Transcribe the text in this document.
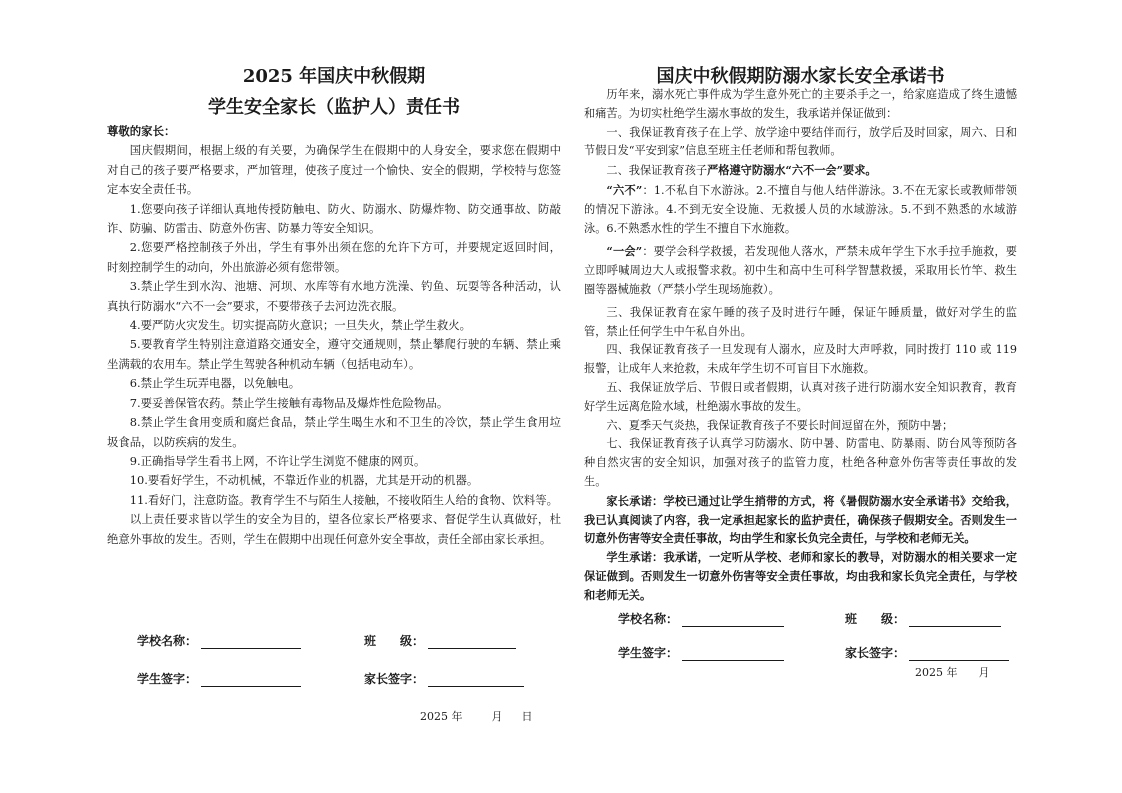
2025 年国庆中秋假期
学生安全家长（监护人）责任书

尊敬的家长：

国庆假期间，根据上级的有关要，为确保学生在假期中的人身安全，要求您在假期中对自己的孩子要严格要求，严加管理，使孩子度过一个愉快、安全的假期，学校特与您签定本安全责任书。

1.您要向孩子详细认真地传授防触电、防火、防溺水、防爆炸物、防交通事故、防敲诈、防骗、防雷击、防意外伤害、防暴力等安全知识。

2.您要严格控制孩子外出，学生有事外出须在您的允许下方可，并要规定返回时间，时刻控制学生的动向，外出旅游必须有您带领。

3.禁止学生到水沟、池塘、河坝、水库等有水地方洗澡、钓鱼、玩耍等各种活动，认真执行防溺水“六不一会”要求，不要带孩子去河边洗衣服。

4.要严防火灾发生。切实提高防火意识；一旦失火，禁止学生救火。

5.要教育学生特别注意道路交通安全，遵守交通规则，禁止攀爬行驶的车辆、禁止乘坐满载的农用车。禁止学生驾驶各种机动车辆（包括电动车）。

6.禁止学生玩弄电器，以免触电。

7.要妥善保管农药。禁止学生接触有毒物品及爆炸性危险物品。

8.禁止学生食用变质和腐烂食品，禁止学生喝生水和不卫生的冷饮，禁止学生食用垃圾食品，以防疾病的发生。

9.正确指导学生看书上网，不许让学生浏览不健康的网页。

10.要看好学生，不动机械，不靠近作业的机器，尤其是开动的机器。

11.看好门，注意防盗。教育学生不与陌生人接触，不接收陌生人给的食物、饮料等。

以上责任要求皆以学生的安全为目的，望各位家长严格要求、督促学生认真做好，杜绝意外事故的发生。否则，学生在假期中出现任何意外安全事故，责任全部由家长承担。

学校名称：	班　　级：
学生签字：	家长签字：
2025 年	月 日
国庆中秋假期防溺水家长安全承诺书

历年来，溺水死亡事件成为学生意外死亡的主要杀手之一，给家庭造成了终生遗憾和痛苦。为切实杜绝学生溺水事故的发生，我承诺并保证做到：

一、我保证教育孩子在上学、放学途中要结伴而行，放学后及时回家，周六、日和节假日发“平安到家”信息至班主任老师和帮包教师。

二、我保证教育孩子严格遵守防溺水“六不一会”要求。

“六不”：1.不私自下水游泳。2.不擅自与他人结伴游泳。3.不在无家长或教师带领的情况下游泳。4.不到无安全设施、无救援人员的水域游泳。5.不到不熟悉的水域游泳。6.不熟悉水性的学生不擅自下水施救。

“一会”：要学会科学救援，若发现他人落水，严禁未成年学生下水手拉手施救，要立即呼喊周边大人或报警求救。初中生和高中生可科学智慧救援，采取用长竹竿、救生圈等器械施救（严禁小学生现场施救）。

三、我保证教育在家午睡的孩子及时进行午睡，保证午睡质量，做好对学生的监管，禁止任何学生中午私自外出。

四、我保证教育孩子一旦发现有人溺水，应及时大声呼救，同时拨打 110 或 119 报警，让成年人来抢救，未成年学生切不可盲目下水施救。

五、我保证放学后、节假日或者假期，认真对孩子进行防溺水安全知识教育，教育好学生远离危险水域，杜绝溺水事故的发生。

六、夏季天气炎热，我保证教育孩子不要长时间逗留在外，预防中暑；

七、我保证教育孩子认真学习防溺水、防中暑、防雷电、防暴雨、防台风等预防各种自然灾害的安全知识，加强对孩子的监管力度，杜绝各种意外伤害等责任事故的发生。

家长承诺：学校已通过让学生捎带的方式，将《暑假防溺水安全承诺书》交给我，我已认真阅读了内容，我一定承担起家长的监护责任，确保孩子假期安全。否则发生一切意外伤害等安全责任事故，均由学生和家长负完全责任，与学校和老师无关。

学生承诺：我承诺，一定听从学校、老师和家长的教导，对防溺水的相关要求一定保证做到。否则发生一切意外伤害等安全责任事故，均由我和家长负完全责任，与学校和老师无关。

学校名称：	班　　级：
学生签字：	家长签字：
2025 年 月
